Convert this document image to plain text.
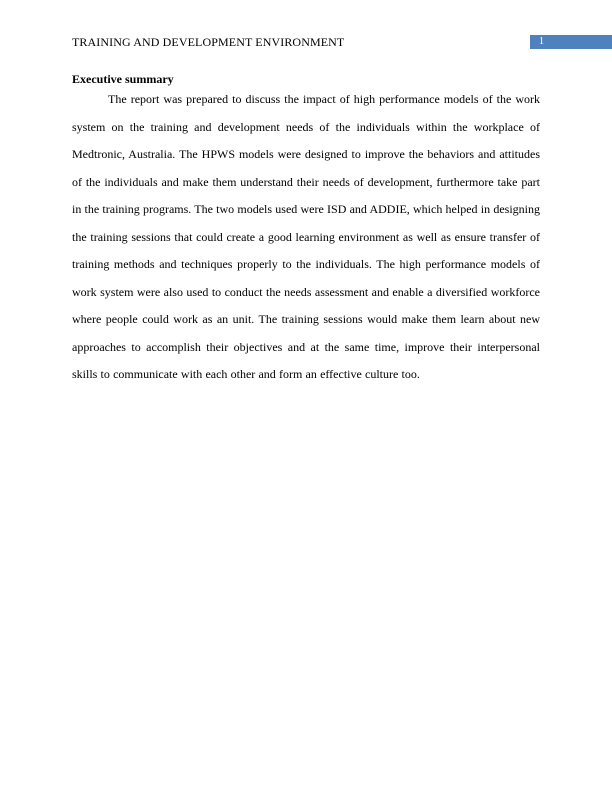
TRAINING AND DEVELOPMENT ENVIRONMENT	1
Executive summary

The report was prepared to discuss the impact of high performance models of the work system on the training and development needs of the individuals within the workplace of Medtronic, Australia. The HPWS models were designed to improve the behaviors and attitudes of the individuals and make them understand their needs of development, furthermore take part in the training programs. The two models used were ISD and ADDIE, which helped in designing the training sessions that could create a good learning environment as well as ensure transfer of training methods and techniques properly to the individuals. The high performance models of work system were also used to conduct the needs assessment and enable a diversified workforce where people could work as an unit. The training sessions would make them learn about new approaches to accomplish their objectives and at the same time, improve their interpersonal skills to communicate with each other and form an effective culture too.
